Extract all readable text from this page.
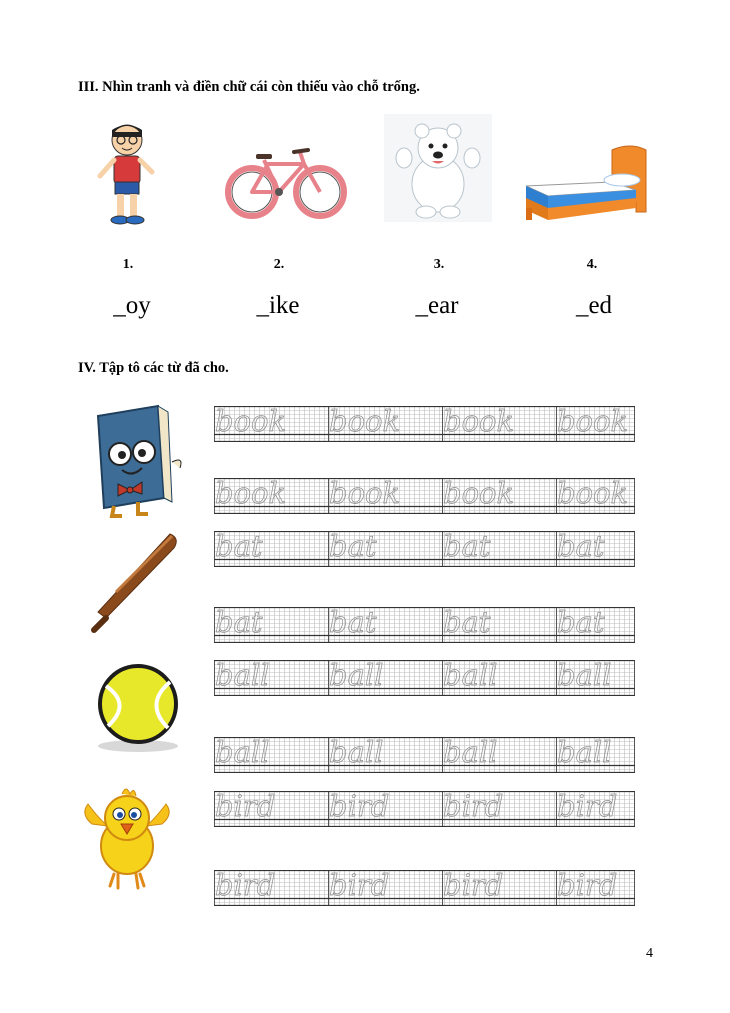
III. Nhìn tranh và điền chữ cái còn thiếu vào chỗ trống.
1.	2.	3.	4.
_oy	_ike	_ear	_ed
IV. Tập tô các từ đã cho.
book book book book
book book book book
bat bat bat bat
bat bat bat bat
ball ball ball ball
ball ball ball ball
bird bird bird bird
bird bird bird bird
4
